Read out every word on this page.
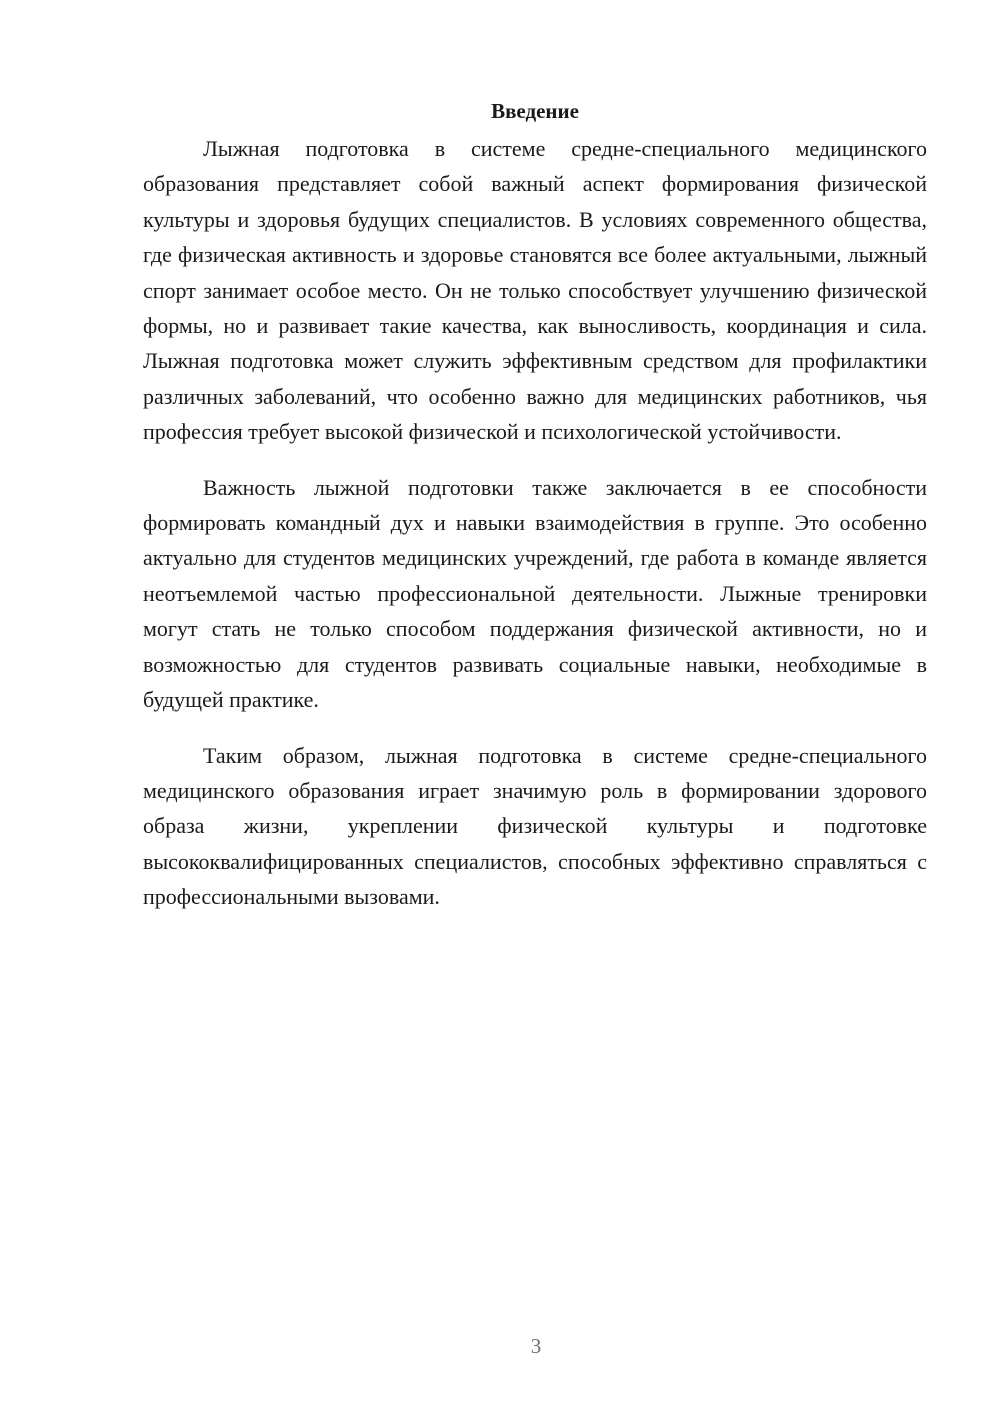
Введение

Лыжная подготовка в системе средне-специального медицинского образования представляет собой важный аспект формирования физической культуры и здоровья будущих специалистов. В условиях современного общества, где физическая активность и здоровье становятся все более актуальными, лыжный спорт занимает особое место. Он не только способствует улучшению физической формы, но и развивает такие качества, как выносливость, координация и сила. Лыжная подготовка может служить эффективным средством для профилактики различных заболеваний, что особенно важно для медицинских работников, чья профессия требует высокой физической и психологической устойчивости.

Важность лыжной подготовки также заключается в ее способности формировать командный дух и навыки взаимодействия в группе. Это особенно актуально для студентов медицинских учреждений, где работа в команде является неотъемлемой частью профессиональной деятельности. Лыжные тренировки могут стать не только способом поддержания физической активности, но и возможностью для студентов развивать социальные навыки, необходимые в будущей практике.

Таким образом, лыжная подготовка в системе средне-специального медицинского образования играет значимую роль в формировании здорового образа жизни, укреплении физической культуры и подготовке высококвалифицированных специалистов, способных эффективно справляться с профессиональными вызовами.

3
